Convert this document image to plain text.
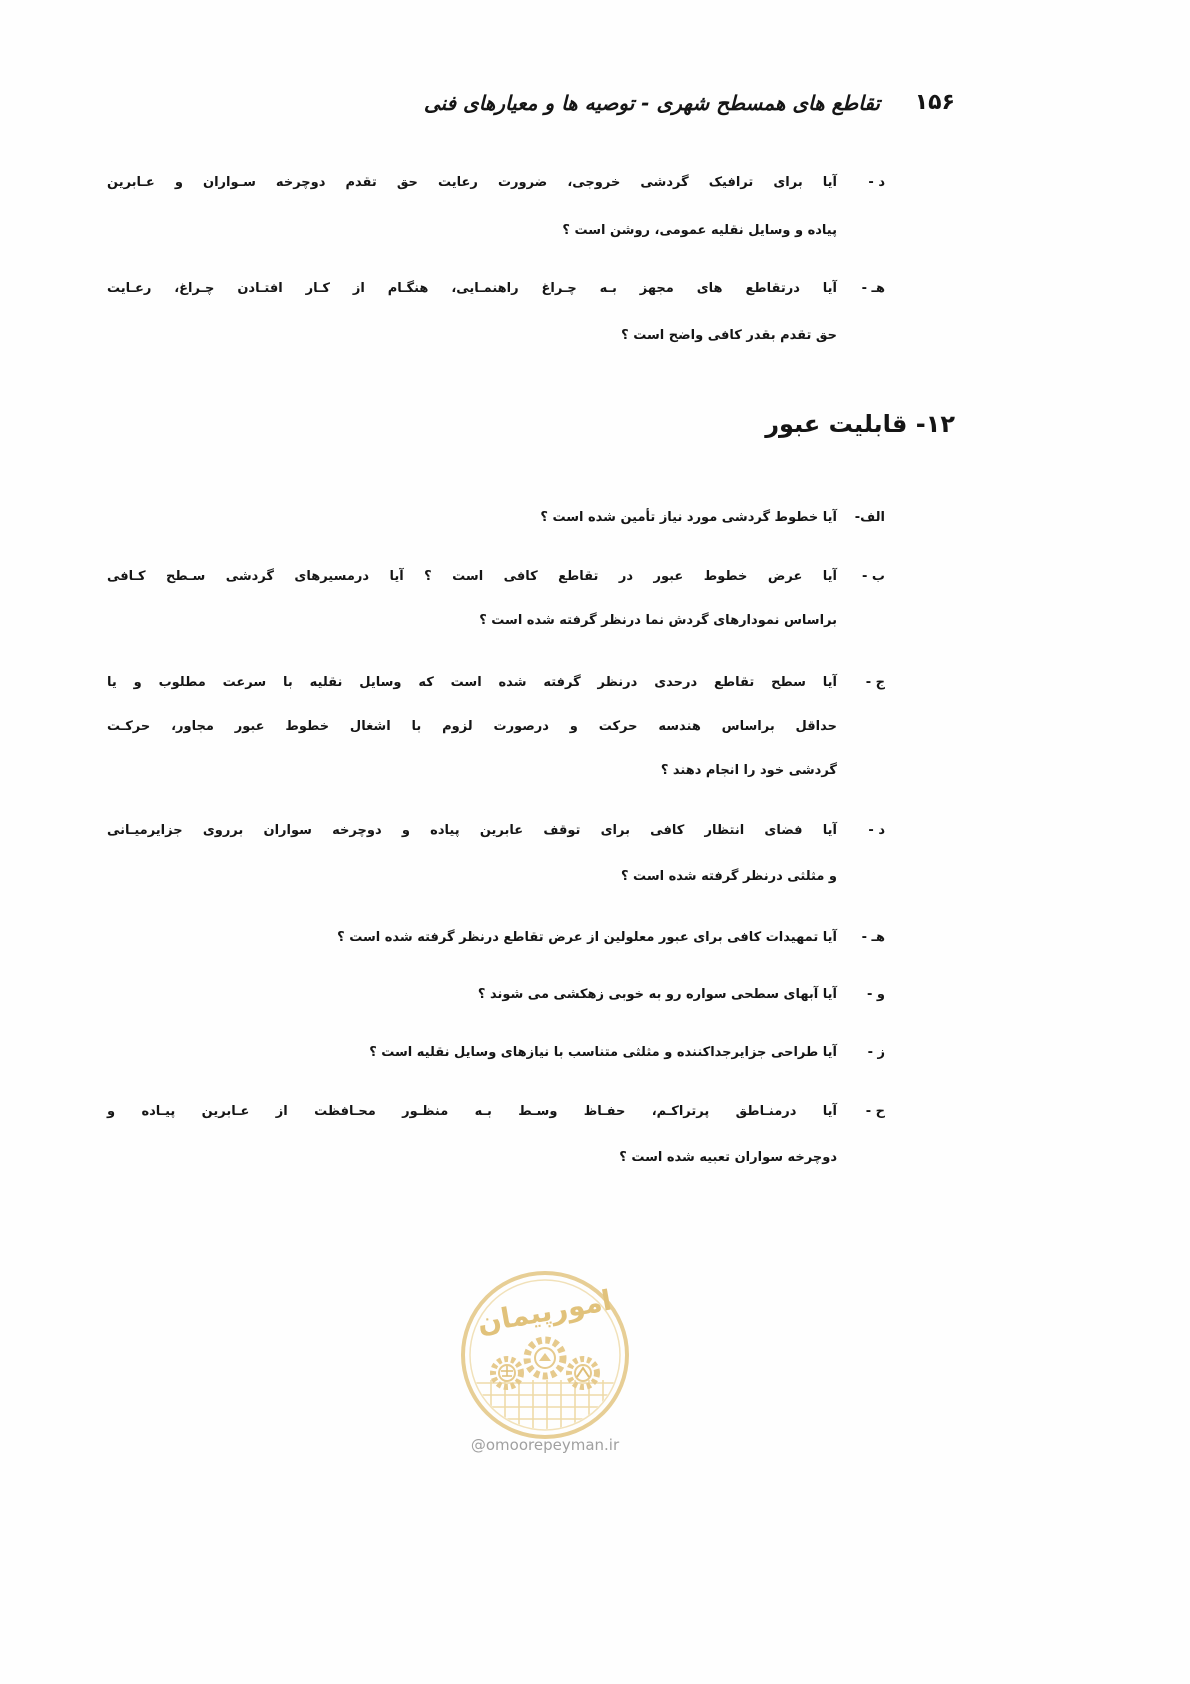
۱۵۶
تقاطع های همسطح شهری - توصیه ها و معیارهای فنی
د -
آیا برای ترافیک گردشی خروجی، ضرورت رعایت حق تقدم دوچرخه سـواران و عـابرین
پیاده و وسایل نقلیه عمومی، روشن است ؟
هـ -
آیا درتقاطع های مجهز بـه چـراغ راهنمـایی، هنگـام از کـار افتـادن چـراغ، رعـایت
حق تقدم بقدر کافی واضح است ؟
۱۲- قابلیت عبور
الف-
آیا خطوط گردشی مورد نیاز تأمین شده است ؟
ب -
آیا عرض خطوط عبور در تقاطع کافی است ؟ آیا درمسیرهای گردشی سـطح کـافی
براساس نمودارهای گردش نما درنظر گرفته شده است ؟
ج -
آیا سطح تقاطع درحدی درنظر گرفته شده است که وسایل نقلیه با سرعت مطلوب و یا
حداقل براساس هندسه حرکت و درصورت لزوم با اشغال خطوط عبور مجاور، حرکـت
گردشی خود را انجام دهند ؟
د -
آیا فضای انتظار کافی برای توقف عابرین پیاده و دوچرخه سواران برروی جزایرمیـانی
و مثلثی درنظر گرفته شده است ؟
هـ -
آیا تمهیدات کافی برای عبور معلولین از عرض تقاطع درنظر گرفته شده است ؟
و -
آیا آبهای سطحی سواره رو به خوبی زهکشی می شوند ؟
ز -
آیا طراحی جزایرجداکننده و مثلثی متناسب با نیازهای وسایل نقلیه است ؟
ح -
آیا درمنـاطق پرتراکـم، حفـاظ وسـط بـه منظـور محـافظت از عـابرین پیـاده و
دوچرخه سواران تعبیه شده است ؟
امورپیمان
@omoorepeyman.ir
